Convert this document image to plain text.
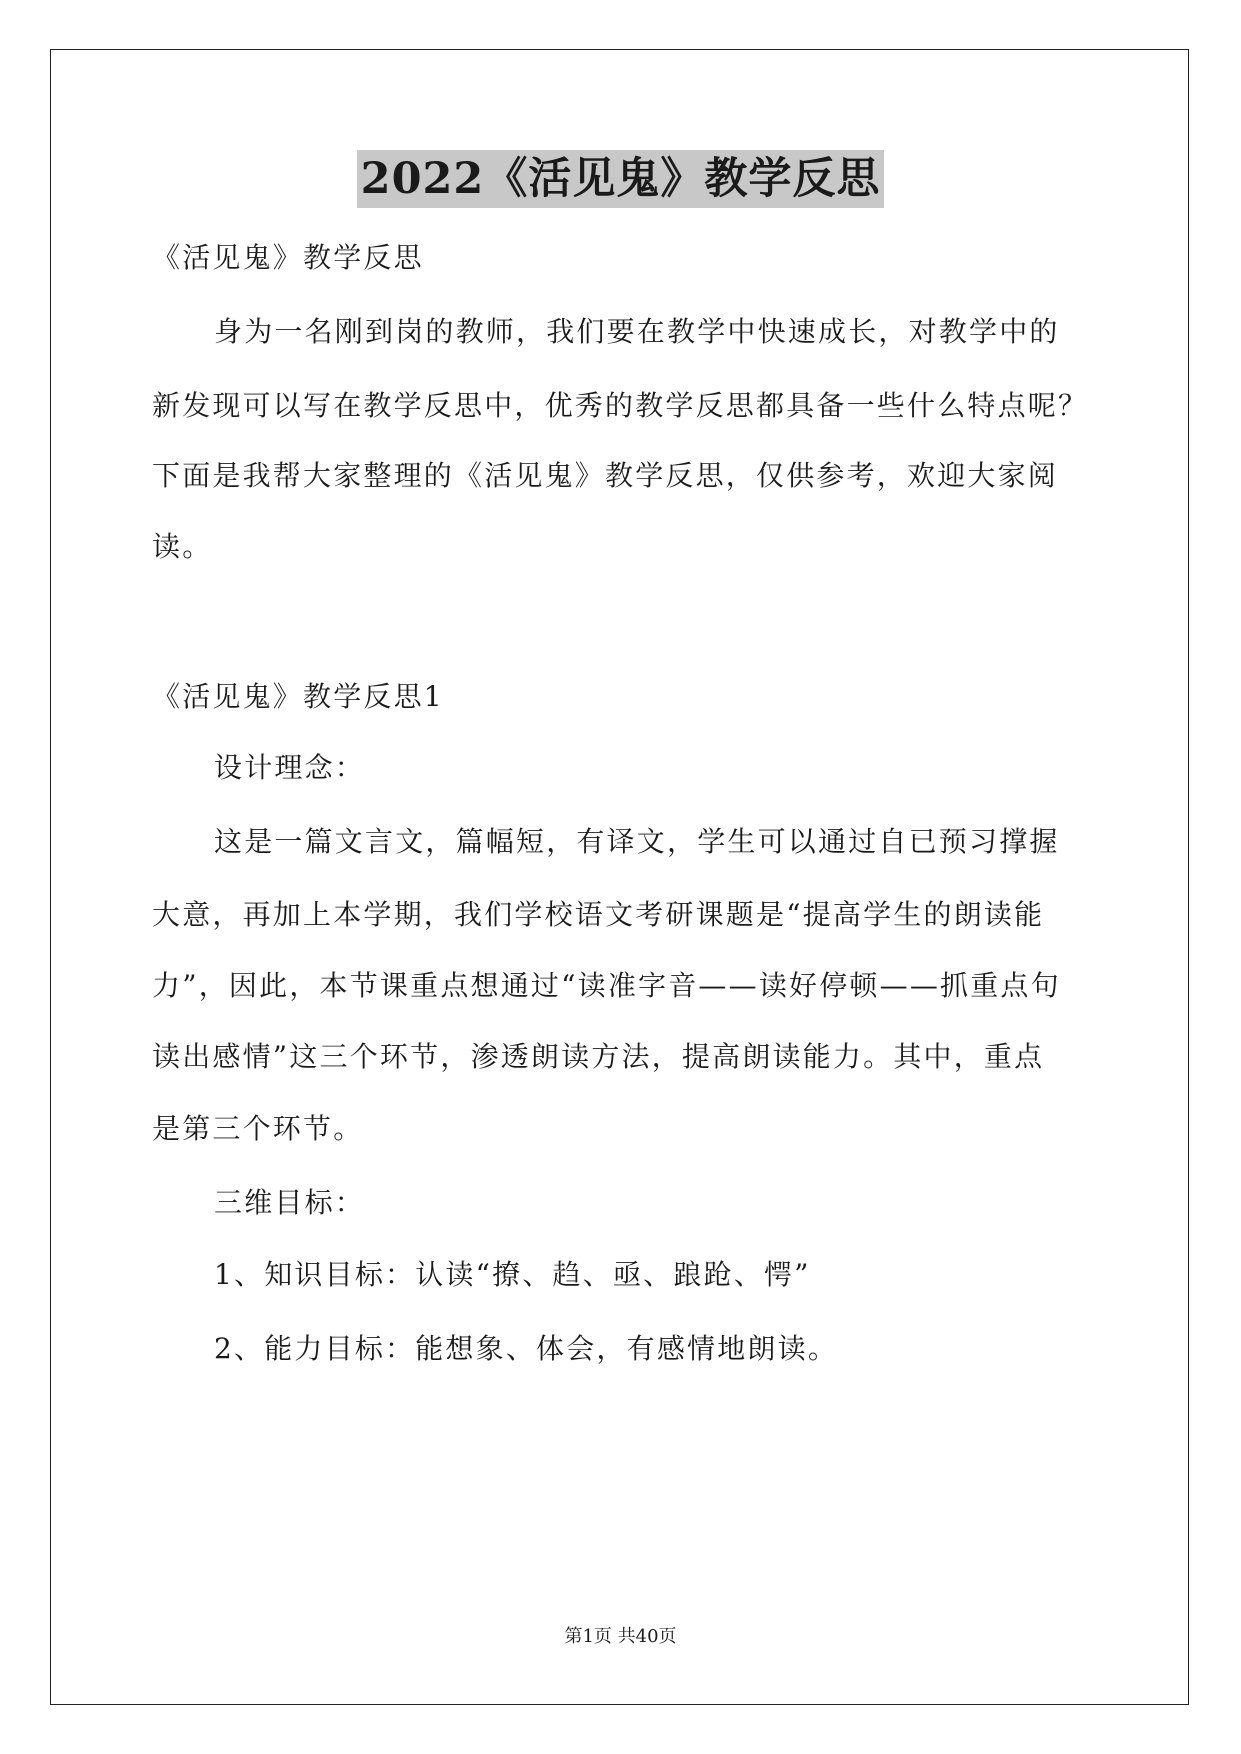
2022《活见鬼》教学反思
《活见鬼》教学反思
身为一名刚到岗的教师，我们要在教学中快速成长，对教学中的
新发现可以写在教学反思中，优秀的教学反思都具备一些什么特点呢？
下面是我帮大家整理的《活见鬼》教学反思，仅供参考，欢迎大家阅
读。
《活见鬼》教学反思1
设计理念：
这是一篇文言文，篇幅短，有译文，学生可以通过自已预习撑握
大意，再加上本学期，我们学校语文考研课题是“提高学生的朗读能
力”，因此，本节课重点想通过“读准字音——读好停顿——抓重点句
读出感情”这三个环节，渗透朗读方法，提高朗读能力。其中，重点
是第三个环节。
三维目标：
1、知识目标：认读“撩、趋、亟、踉跄、愕”
2、能力目标：能想象、体会，有感情地朗读。
第1页 共40页
